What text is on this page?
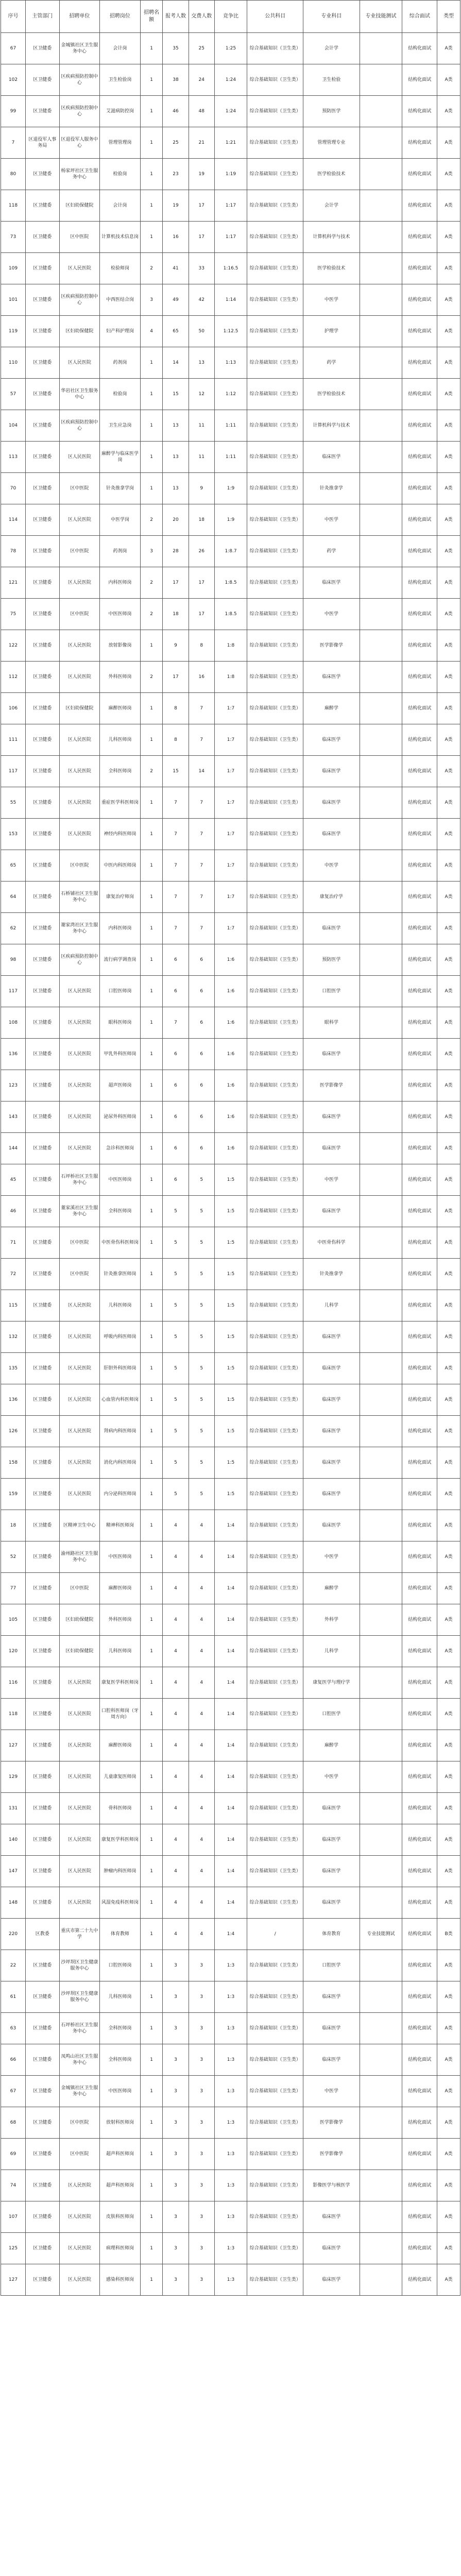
序号	主管部门	招聘单位	招聘岗位	招聘名额	报考人数	交费人数	竞争比	公共科目	专业科目	专业技能测试	综合面试	类型
67	区卫健委	金城镇社区卫生服务中心	会计岗	1	35	25	1:25	综合基础知识（卫生类）	会计学		结构化面试	A类
102	区卫健委	区疾病预防控制中心	卫生检验岗	1	38	24	1:24	综合基础知识（卫生类）	卫生检验		结构化面试	A类
99	区卫健委	区疾病预防控制中心	艾滋病防控岗	1	46	48	1:24	综合基础知识（卫生类）	预防医学		结构化面试	A类
7	区退役军人事务局	区退役军人服务中心	管理管理岗	1	25	21	1:21	综合基础知识（卫生类）	管理管理专业		结构化面试	A类
80	区卫健委	杨家坪社区卫生服务中心	检验岗	1	23	19	1:19	综合基础知识（卫生类）	医学检验技术		结构化面试	A类
118	区卫健委	区妇幼保健院	会计岗	1	19	17	1:17	综合基础知识（卫生类）	会计学		结构化面试	A类
73	区卫健委	区中医院	计算机技术信息岗	1	16	17	1:17	综合基础知识（卫生类）	计算机科学与技术		结构化面试	A类
109	区卫健委	区人民医院	检验师岗	2	41	33	1:16.5	综合基础知识（卫生类）	医学检验技术		结构化面试	A类
101	区卫健委	区疾病预防控制中心	中西医结合岗	3	49	42	1:14	综合基础知识（卫生类）	中医学		结构化面试	A类
119	区卫健委	区妇幼保健院	妇产科护理岗	4	65	50	1:12.5	综合基础知识（卫生类）	护理学		结构化面试	A类
110	区卫健委	区人民医院	药剂岗	1	14	13	1:13	综合基础知识（卫生类）	药学		结构化面试	A类
57	区卫健委	华岩社区卫生服务中心	检验岗	1	15	12	1:12	综合基础知识（卫生类）	医学检验技术		结构化面试	A类
104	区卫健委	区疾病预防控制中心	卫生应急岗	1	13	11	1:11	综合基础知识（卫生类）	计算机科学与技术		结构化面试	A类
113	区卫健委	区人民医院	麻醉学与临床医学岗	1	13	11	1:11	综合基础知识（卫生类）	临床医学		结构化面试	A类
70	区卫健委	区中医院	针灸推拿学岗	1	13	9	1:9	综合基础知识（卫生类）	针灸推拿学		结构化面试	A类
114	区卫健委	区人民医院	中医学岗	2	20	18	1:9	综合基础知识（卫生类）	中医学		结构化面试	A类
78	区卫健委	区中医院	药剂岗	3	28	26	1:8.7	综合基础知识（卫生类）	药学		结构化面试	A类
121	区卫健委	区人民医院	内科医师岗	2	17	17	1:8.5	综合基础知识（卫生类）	临床医学		结构化面试	A类
75	区卫健委	区中医院	中医医师岗	2	18	17	1:8.5	综合基础知识（卫生类）	中医学		结构化面试	A类
122	区卫健委	区人民医院	放射影像岗	1	9	8	1:8	综合基础知识（卫生类）	医学影像学		结构化面试	A类
112	区卫健委	区人民医院	外科医师岗	2	17	16	1:8	综合基础知识（卫生类）	临床医学		结构化面试	A类
106	区卫健委	区妇幼保健院	麻醉医师岗	1	8	7	1:7	综合基础知识（卫生类）	麻醉学		结构化面试	A类
111	区卫健委	区人民医院	儿科医师岗	1	8	7	1:7	综合基础知识（卫生类）	临床医学		结构化面试	A类
117	区卫健委	区人民医院	全科医师岗	2	15	14	1:7	综合基础知识（卫生类）	临床医学		结构化面试	A类
55	区卫健委	区人民医院	重症医学科医师岗	1	7	7	1:7	综合基础知识（卫生类）	临床医学		结构化面试	A类
153	区卫健委	区人民医院	神经内科医师岗	1	7	7	1:7	综合基础知识（卫生类）	临床医学		结构化面试	A类
65	区卫健委	区中医院	中医内科医师岗	1	7	7	1:7	综合基础知识（卫生类）	中医学		结构化面试	A类
64	区卫健委	石桥铺社区卫生服务中心	康复治疗师岗	1	7	7	1:7	综合基础知识（卫生类）	康复治疗学		结构化面试	A类
62	区卫健委	谢家湾社区卫生服务中心	内科医师岗	1	7	7	1:7	综合基础知识（卫生类）	临床医学		结构化面试	A类
98	区卫健委	区疾病预防控制中心	流行病学调查岗	1	6	6	1:6	综合基础知识（卫生类）	预防医学		结构化面试	A类
117	区卫健委	区人民医院	口腔医师岗	1	6	6	1:6	综合基础知识（卫生类）	口腔医学		结构化面试	A类
108	区卫健委	区人民医院	眼科医师岗	1	7	6	1:6	综合基础知识（卫生类）	眼科学		结构化面试	A类
136	区卫健委	区人民医院	甲乳外科医师岗	1	6	6	1:6	综合基础知识（卫生类）	临床医学		结构化面试	A类
123	区卫健委	区人民医院	超声医师岗	1	6	6	1:6	综合基础知识（卫生类）	医学影像学		结构化面试	A类
143	区卫健委	区人民医院	泌尿外科医师岗	1	6	6	1:6	综合基础知识（卫生类）	临床医学		结构化面试	A类
144	区卫健委	区人民医院	急诊科医师岗	1	6	6	1:6	综合基础知识（卫生类）	临床医学		结构化面试	A类
45	区卫健委	石坪桥社区卫生服务中心	中医医师岗	1	6	5	1:5	综合基础知识（卫生类）	中医学		结构化面试	A类
46	区卫健委	董家溪社区卫生服务中心	全科医师岗	1	5	5	1:5	综合基础知识（卫生类）	临床医学		结构化面试	A类
71	区卫健委	区中医院	中医骨伤科医师岗	1	5	5	1:5	综合基础知识（卫生类）	中医骨伤科学		结构化面试	A类
72	区卫健委	区中医院	针灸推拿医师岗	1	5	5	1:5	综合基础知识（卫生类）	针灸推拿学		结构化面试	A类
115	区卫健委	区人民医院	儿科医师岗	1	5	5	1:5	综合基础知识（卫生类）	儿科学		结构化面试	A类
132	区卫健委	区人民医院	呼吸内科医师岗	1	5	5	1:5	综合基础知识（卫生类）	临床医学		结构化面试	A类
135	区卫健委	区人民医院	肝胆外科医师岗	1	5	5	1:5	综合基础知识（卫生类）	临床医学		结构化面试	A类
136	区卫健委	区人民医院	心血管内科医师岗	1	5	5	1:5	综合基础知识（卫生类）	临床医学		结构化面试	A类
126	区卫健委	区人民医院	肾病内科医师岗	1	5	5	1:5	综合基础知识（卫生类）	临床医学		结构化面试	A类
158	区卫健委	区人民医院	消化内科医师岗	1	5	5	1:5	综合基础知识（卫生类）	临床医学		结构化面试	A类
159	区卫健委	区人民医院	内分泌科医师岗	1	5	5	1:5	综合基础知识（卫生类）	临床医学		结构化面试	A类
18	区卫健委	区精神卫生中心	精神科医师岗	1	4	4	1:4	综合基础知识（卫生类）	临床医学		结构化面试	A类
52	区卫健委	渝州路社区卫生服务中心	中医医师岗	1	4	4	1:4	综合基础知识（卫生类）	中医学		结构化面试	A类
77	区卫健委	区中医院	麻醉医师岗	1	4	4	1:4	综合基础知识（卫生类）	麻醉学		结构化面试	A类
105	区卫健委	区妇幼保健院	外科医师岗	1	4	4	1:4	综合基础知识（卫生类）	外科学		结构化面试	A类
120	区卫健委	区妇幼保健院	儿科医师岗	1	4	4	1:4	综合基础知识（卫生类）	儿科学		结构化面试	A类
116	区卫健委	区人民医院	康复医学科医师岗	1	4	4	1:4	综合基础知识（卫生类）	康复医学与理疗学		结构化面试	A类
118	区卫健委	区人民医院	口腔科医师岗（牙周方向）	1	4	4	1:4	综合基础知识（卫生类）	口腔医学		结构化面试	A类
127	区卫健委	区人民医院	麻醉医师岗	1	4	4	1:4	综合基础知识（卫生类）	麻醉学		结构化面试	A类
129	区卫健委	区人民医院	儿童康复医师岗	1	4	4	1:4	综合基础知识（卫生类）	中医学		结构化面试	A类
131	区卫健委	区人民医院	骨科医师岗	1	4	4	1:4	综合基础知识（卫生类）	临床医学		结构化面试	A类
140	区卫健委	区人民医院	康复医学科医师岗	1	4	4	1:4	综合基础知识（卫生类）	临床医学		结构化面试	A类
147	区卫健委	区人民医院	肿瘤内科医师岗	1	4	4	1:4	综合基础知识（卫生类）	临床医学		结构化面试	A类
148	区卫健委	区人民医院	风湿免疫科医师岗	1	4	4	1:4	综合基础知识（卫生类）	临床医学		结构化面试	A类
220	区教委	重庆市第二十九中学	体育教师	1	4	4	1:4	/	体育教育	专业技能测试	结构化面试	B类
22	区卫健委	沙坪坝区卫生健康服务中心	口腔医师岗	1	3	3	1:3	综合基础知识（卫生类）	口腔医学		结构化面试	A类
61	区卫健委	沙坪坝区卫生健康服务中心	儿科医师岗	1	3	3	1:3	综合基础知识（卫生类）	临床医学		结构化面试	A类
63	区卫健委	石坪桥社区卫生服务中心	全科医师岗	1	3	3	1:3	综合基础知识（卫生类）	临床医学		结构化面试	A类
66	区卫健委	凤鸣山社区卫生服务中心	全科医师岗	1	3	3	1:3	综合基础知识（卫生类）	临床医学		结构化面试	A类
67	区卫健委	金城镇社区卫生服务中心	中医医师岗	1	3	3	1:3	综合基础知识（卫生类）	中医学		结构化面试	A类
68	区卫健委	区中医院	放射科医师岗	1	3	3	1:3	综合基础知识（卫生类）	医学影像学		结构化面试	A类
69	区卫健委	区中医院	超声科医师岗	1	3	3	1:3	综合基础知识（卫生类）	医学影像学		结构化面试	A类
74	区卫健委	区人民医院	超声科医师岗	1	3	3	1:3	综合基础知识（卫生类）	影像医学与核医学		结构化面试	A类
107	区卫健委	区人民医院	皮肤科医师岗	1	3	3	1:3	综合基础知识（卫生类）	临床医学		结构化面试	A类
125	区卫健委	区人民医院	病理科医师岗	1	3	3	1:3	综合基础知识（卫生类）	临床医学		结构化面试	A类
127	区卫健委	区人民医院	感染科医师岗	1	3	3	1:3	综合基础知识（卫生类）	临床医学		结构化面试	A类
